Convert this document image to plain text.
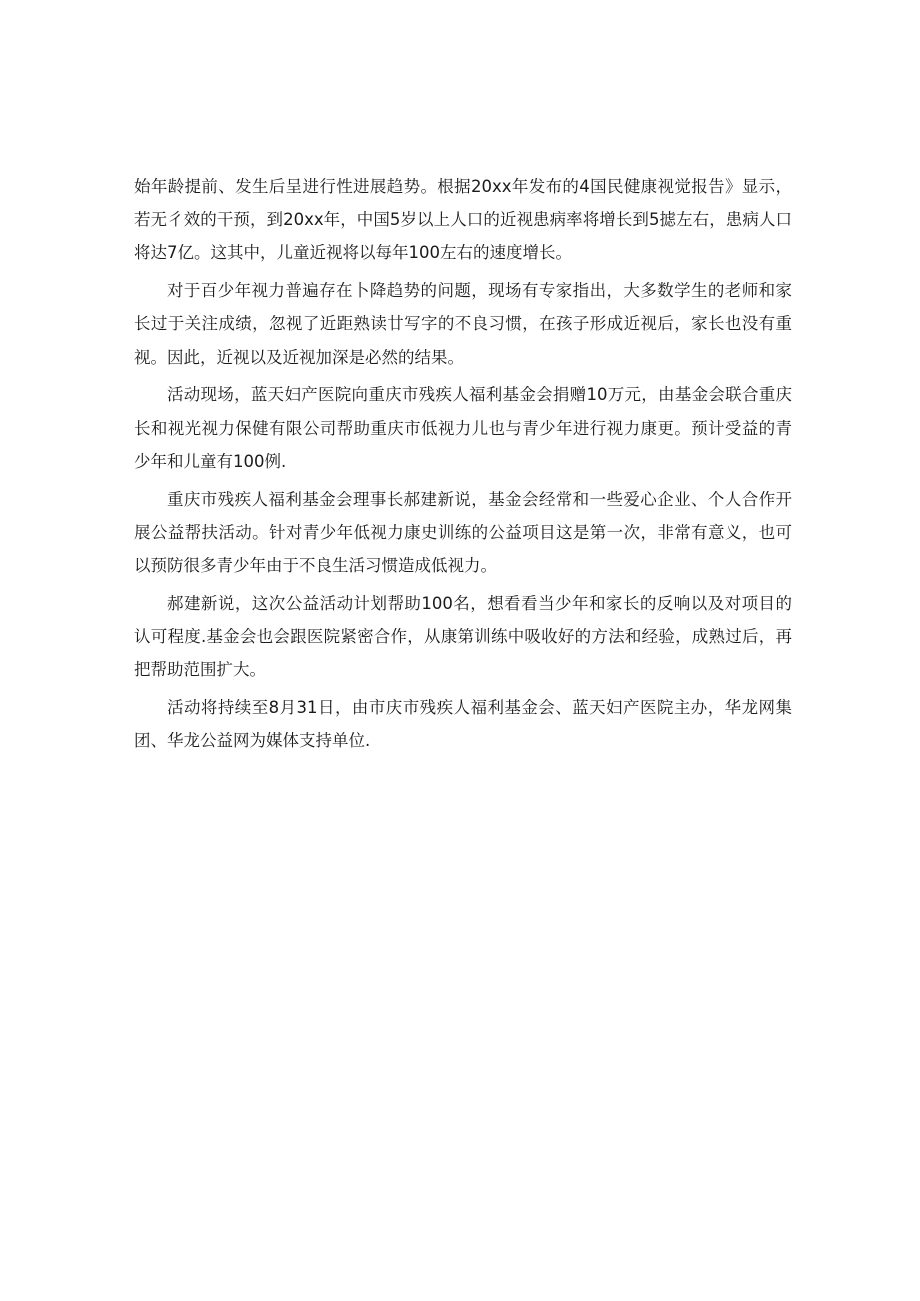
始年龄提前、发生后呈进行性进展趋势。根据20xx年发布的4国民健康视觉报告》显示，若无彳效的干预，到20xx年，中国5岁以上人口的近视患病率将增长到5摅左右，患病人口将达7亿。这其中，儿童近视将以每年100左右的速度增长。

对于百少年视力普遍存在卜降趋势的问题，现场有专家指出，大多数学生的老师和家长过于关注成绩，忽视了近距熟读廿写字的不良习惯，在孩子形成近视后，家长也没有重视。因此，近视以及近视加深是必然的结果。

活动现场，蓝天妇产医院向重庆市残疾人福利基金会捐赠10万元，由基金会联合重庆长和视光视力保健有限公司帮助重庆市低视力儿也与青少年进行视力康更。预计受益的青少年和儿童有100例.

重庆市残疾人福利基金会理事长郝建新说，基金会经常和一些爱心企业、个人合作开展公益帮扶活动。针对青少年低视力康史训练的公益项目这是第一次，非常有意义，也可以预防很多青少年由于不良生活习惯造成低视力。

郝建新说，这次公益活动计划帮助100名，想看看当少年和家长的反响以及对项目的认可程度.基金会也会跟医院紧密合作，从康第训练中吸收好的方法和经验，成熟过后，再把帮助范围扩大。

活动将持续至8月31日，由市庆市残疾人福利基金会、蓝天妇产医院主办，华龙网集团、华龙公益网为媒体支持单位.
